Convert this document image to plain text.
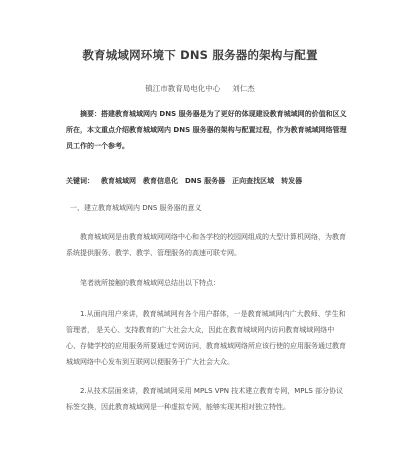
教育城域网环境下 DNS 服务器的架构与配置
镇江市教育局电化中心 刘仁杰

摘要：搭建教育城域网内 DNS 服务器是为了更好的体现建设教育城域网的价值和区义所在，本文重点介绍教育城域网内 DNS 服务器的架构与配置过程，作为教育城域网络管理员工作的一个参考。

关键词： 教育城域网 教育信息化 DNS 服务器 正向查找区域 转发器

一、建立教育城域网内 DNS 服务器的意义

教育城域网是由教育城域网网络中心和各学校的校园网组成的大型计算机网络，为教育系统提供服务、教学、教学、管理服务的高速可联专网。

笔者就所接触的教育城域网总结出以下特点：

1.从面向用户来讲，教育城域网有各个用户群体，一是教育城域网内广大教师、学生和管理者， 是关心、支持教育的广大社会大众，因此在教育城域网内访问教育城域网络中心、存储学校的应用服务所要通过专网访问，教育城域网络所应该行使的应用服务通过教育城域网络中心发布到互联网以便服务于广大社会大众。

2.从技术层面来讲，教育城域网采用 MPLS VPN 技术建立教育专网，MPLS 部分协议标签交换，因此教育城域网是一种虚拟专网，能够实现其相对独立特性。
